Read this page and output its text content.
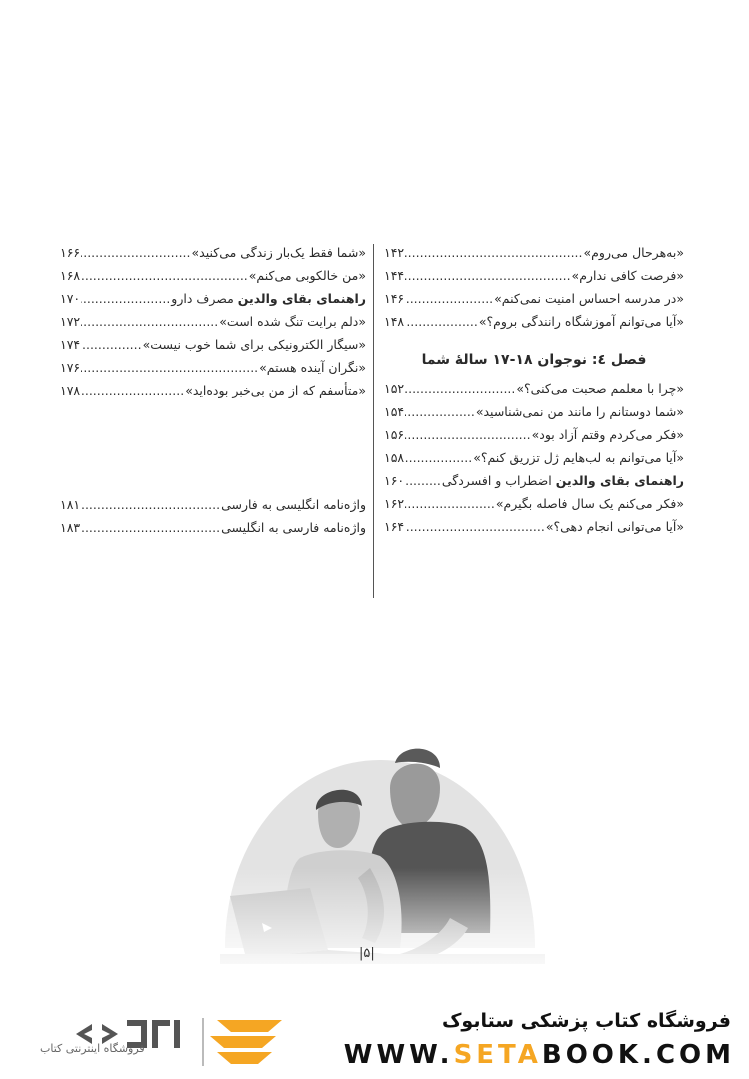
«به‌هرحال می‌روم»
.....
۱۴۲
«فرصت کافی ندارم»
.....
۱۴۴
«در مدرسه احساس امنیت نمی‌کنم»
.....
۱۴۶
«آیا می‌توانم آموزشگاه رانندگی بروم؟»
.....
۱۴۸
فصل ٤: نوجوان ۱۸-۱۷ سالهٔ شما
«چرا با معلمم صحبت می‌کنی؟»
.....
۱۵۲
«شما دوستانم را مانند من نمی‌شناسید»
.....
۱۵۴
«فکر می‌کردم وقتم آزاد بود»
.....
۱۵۶
«آیا می‌توانم به لب‌هایم ژل تزریق کنم؟»
.....
۱۵۸
راهنمای بقای والدین اضطراب و افسردگی
.....
۱۶۰
«فکر می‌کنم یک سال فاصله بگیرم»
.....
۱۶۲
«آیا می‌توانی انجام دهی؟»
.....
۱۶۴
«شما فقط یک‌بار زندگی می‌کنید»
.....
۱۶۶
«من خالکوبی می‌کنم»
.....
۱۶۸
راهنمای بقای والدین مصرف دارو
.....
۱۷۰
«دلم برایت تنگ شده است»
.....
۱۷۲
«سیگار الکترونیکی برای شما خوب نیست»
.....
۱۷۴
«نگران آینده هستم»
.....
۱۷۶
«متأسفم که از من بی‌خبر بوده‌اید»
.....
۱۷۸
واژه‌نامه انگلیسی به فارسی
.....
۱۸۱
واژه‌نامه فارسی به انگلیسی
.....
۱۸۳
|۵|
فروشگاه کتاب پزشکی ستابوک
WWW.SETABOOK.COM
فروشگاه اینترنتی کتاب
